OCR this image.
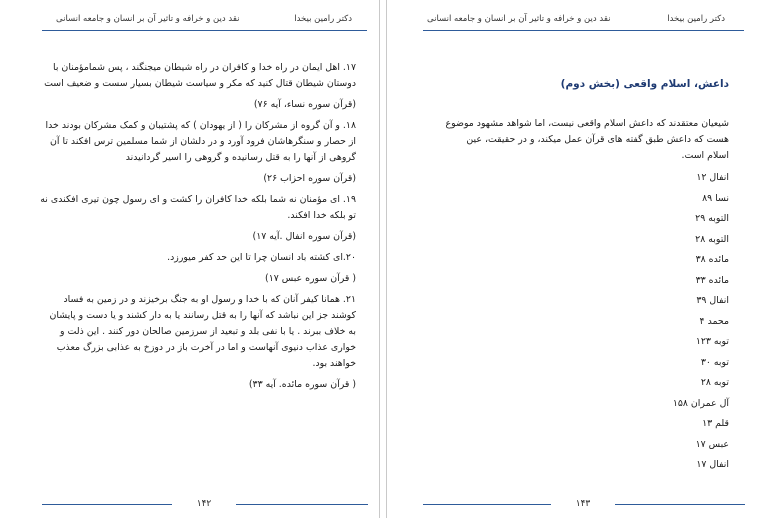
دکتر رامین بیخدا
نقد دین و خرافه و تاثیر آن بر انسان و جامعه انسانی

۱۷. اهل ایمان در راه خدا و کافران در راه شیطان میجنگند ، پس شمامؤمنان با دوستان شیطان قتال کنید که مکر و سیاست شیطان بسیار سست و ضعیف است

(قرآن سوره نساء، آیه ۷۶)

۱۸. و آن گروه از مشرکان را ( از یهودان ) که پشتیبان و کمک مشرکان بودند خدا از حصار و سنگرهاشان فرود آورد و در دلشان از شما مسلمین ترس افکند تا آن گروهی از آنها را به قتل رسانیده و گروهی را اسیر گردانیدند

(قرآن سوره احزاب ۲۶)

۱۹. ای مؤمنان نه شما بلکه خدا کافران را کشت و ای رسول چون تیری افکندی نه تو بلکه خدا افکند.

(قرآن سوره انفال .آیه ۱۷)

۲۰.ای کشته باد انسان چرا تا این حد کفر میورزد.

( قرآن سوره عبس ۱۷)

۲۱. همانا کیفر آنان که با خدا و رسول او به جنگ برخیزند و در زمین به فساد کوشند جز این نباشد که آنها را به قتل رسانند یا به دار کشند و یا دست و پایشان به خلاف ببرند . یا با نفی بلد و تبعید از سرزمین صالحان دور کنند . این ذلت و خواری عذاب دنیوی آنهاست و اما در آخرت باز در دوزخ به عذابی بزرگ معذب خواهند بود.

( قرآن سوره مائده. آیه ۳۳)

۱۴۲
دکتر رامین بیخدا
نقد دین و خرافه و تاثیر آن بر انسان و جامعه انسانی
داعش، اسلام واقعی (بخش دوم)

شیعیان معتقدند که داعش اسلام واقعی نیست، اما شواهد مشهود موضوع هست که داعش طبق گفته های قرآن عمل میکند، و در حقیقت، عین اسلام است.

انفال ۱۲
نسا ۸۹
التوبه ۲۹
التوبه ۲۸
مائده ۳۸
مائده ۳۳
انفال ۳۹
محمد ۴
توبه ۱۲۳
توبه ۳۰
توبه ۲۸
آل عمران ۱۵۸
قلم ۱۳
عبس ۱۷
انفال ۱۷
۱۴۳
